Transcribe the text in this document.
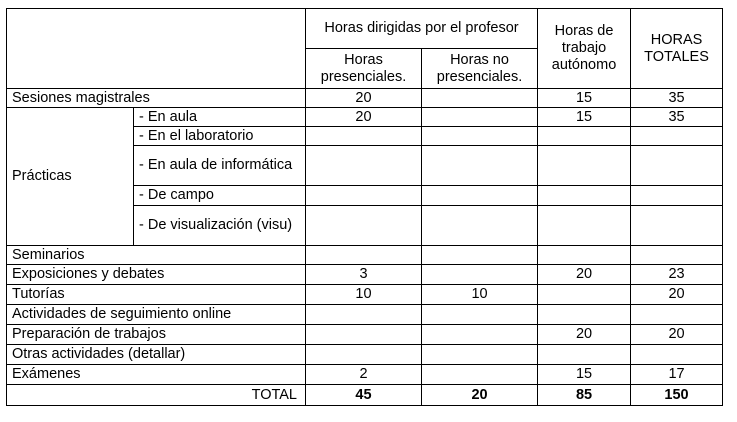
		Horas dirigidas por el profesor		Horas de trabajo autónomo	HORAS TOTALES
		Horas presenciales.	Horas no presenciales.		
Sesiones magistrales		20		15	35
Prácticas	- En aula	20		15	35
	- En el laboratorio				
	- En aula de informática				
	- De campo				
	- De visualización (visu)				
Seminarios					
Exposiciones y debates		3		20	23
Tutorías		10	10		20
Actividades de seguimiento online					
Preparación de trabajos				20	20
Otras actividades (detallar)					
Exámenes		2		15	17
TOTAL		45	20	85	150
